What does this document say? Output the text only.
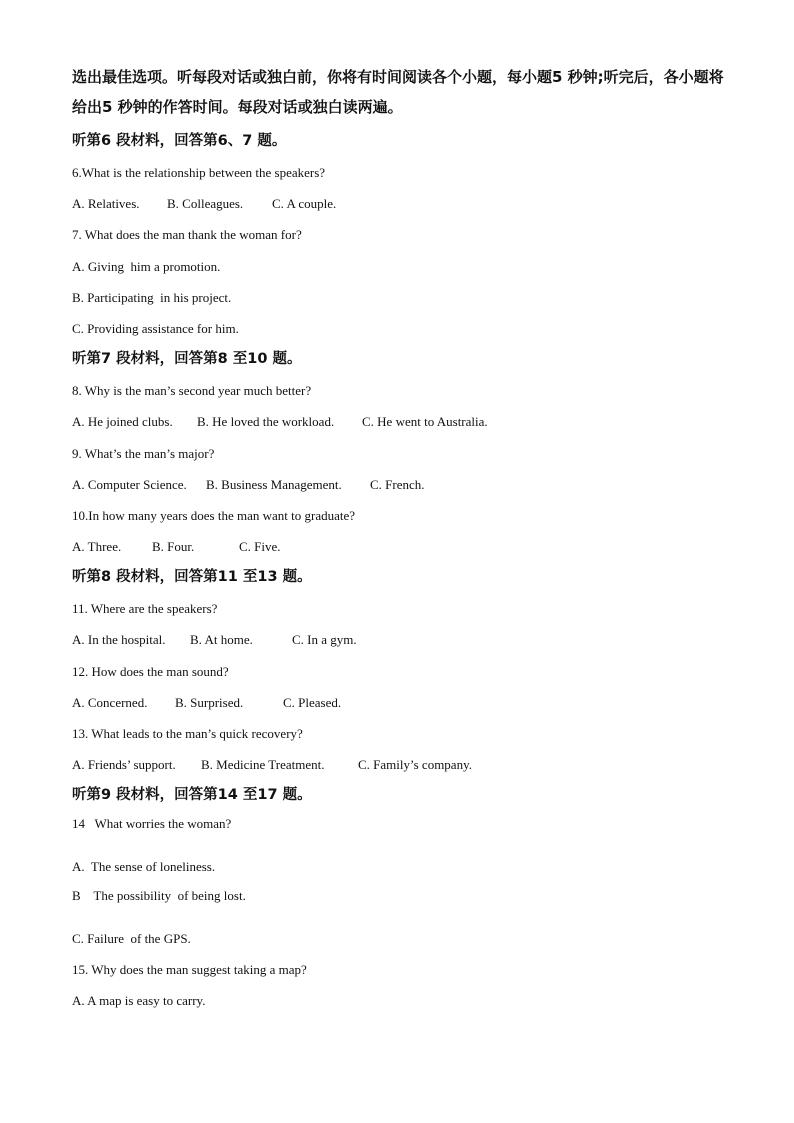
选出最佳选项。听每段对话或独白前，你将有时间阅读各个小题，每小题5 秒钟;听完后，各小题将给出5 秒钟的作答时间。每段对话或独白读两遍。

听第6 段材料，回答第6、7 题。

6.What is the relationship between the speakers?

A. Relatives. B. Colleagues. C. A couple.

7. What does the man thank the woman for?

A. Giving  him a promotion.

B. Participating  in his project.

C. Providing assistance for him.

听第7 段材料，回答第8 至10 题。

8. Why is the man’s second year much better?

A. He joined clubs. B. He loved the workload. C. He went to Australia.

9. What’s the man’s major?

A. Computer Science. B. Business Management. C. French.

10.In how many years does the man want to graduate?

A. Three. B. Four.	C. Five.

听第8 段材料，回答第11 至13 题。

11. Where are the speakers?

A. In the hospital. B. At home.	C. In a gym.

12. How does the man sound?

A. Concerned. B. Surprised.	C. Pleased.

13. What leads to the man’s quick recovery?

A. Friends’ support. B. Medicine Treatment.	C. Family’s company.

听第9 段材料，回答第14 至17 题。

14   What worries the woman?

A.  The sense of loneliness.

B    The possibility  of being lost.

C. Failure  of the GPS.

15. Why does the man suggest taking a map?

A. A map is easy to carry.
